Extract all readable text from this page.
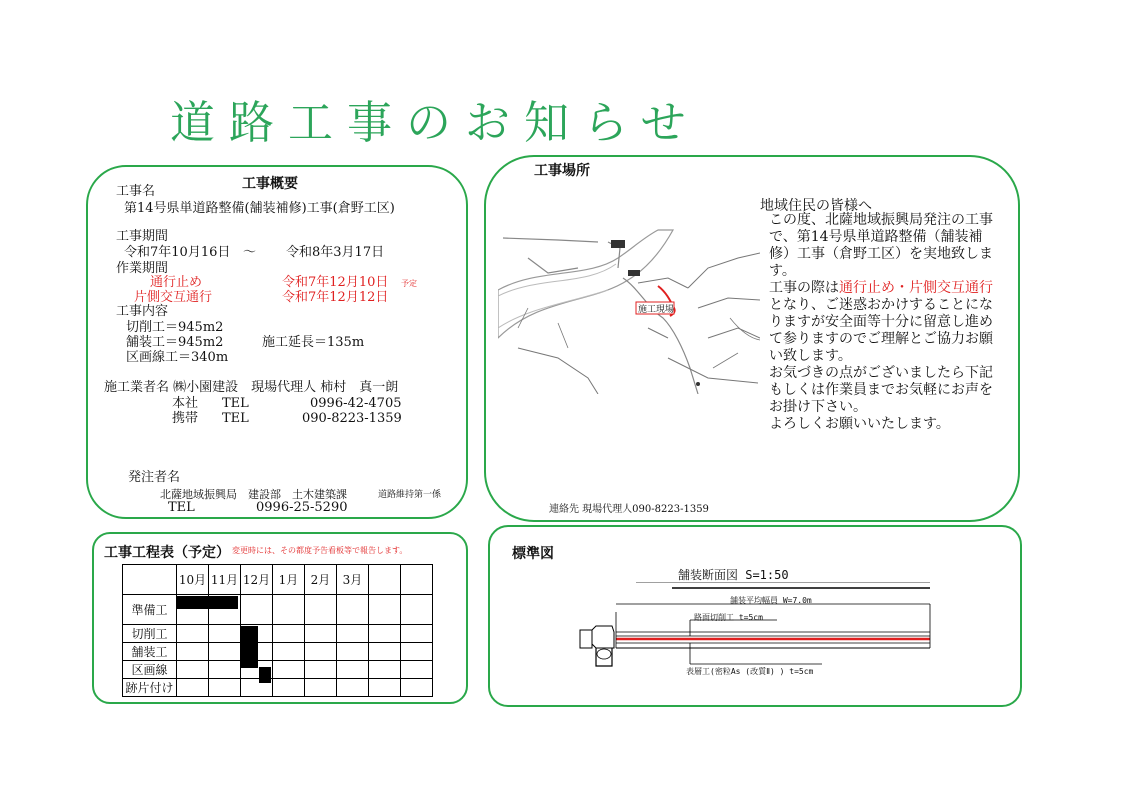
道路工事のお知らせ
工事概要
工事名
第14号県単道路整備(舗装補修)工事(倉野工区)
工事期間
令和7年10月16日 ～ 令和8年3月17日
作業期間
通行止め	令和7年12月10日 予定
片側交互通行	令和7年12月12日
工事内容
切削工＝945m2
舗装工＝945m2	施工延長＝135m
区画線工＝340m
施工業者名 ㈱小園建設　現場代理人 柿村　真一朗
本社 TEL	0996-42-4705
携帯 TEL	090-8223-1359
発注者名
北薩地域振興局　建設部　土木建築課	道路維持第一係
TEL	0996-25-5290
工事場所
施工現場
地域住民の皆様へ
この度、北薩地域振興局発注の工事で、第14号県単道路整備（舗装補修）工事（倉野工区）を実地致します。
工事の際は通行止め・片側交互通行となり、ご迷惑おかけすることになりますが安全面等十分に留意し進めて参りますのでご理解とご協力お願い致します。
お気づきの点がございましたら下記もしくは作業員までお気軽にお声をお掛け下さい。
よろしくお願いいたします。
連絡先 現場代理人090-8223-1359
工事工程表（予定） 変更時には、その都度予告看板等で報告します。
	10月	11月	12月	1月	2月	3月		
準備工								
切削工								
舗装工								
区画線								
跡片付け								
標準図
舗装断面図 S=1:50
舗装平均幅員 W=7.0m
路面切削工 t=5cm
表層工(密粒As (改質Ⅱ) ) t=5cm
